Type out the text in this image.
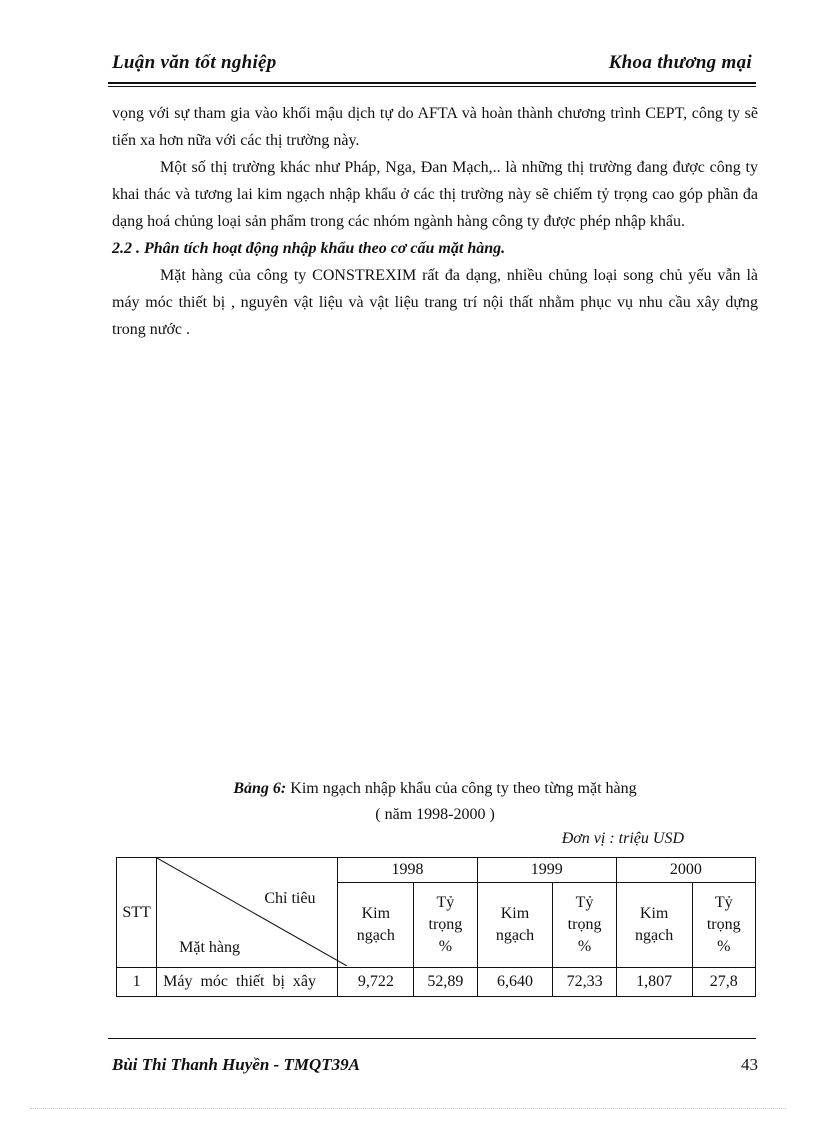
Luận văn tốt nghiệp	Khoa thương mại

vọng với sự tham gia vào khối mậu dịch tự do AFTA và hoàn thành chương trình CEPT, công ty sẽ tiến xa hơn nữa với các thị trường này.

Một số thị trường khác như Pháp, Nga, Đan Mạch,.. là những thị trường đang được công ty khai thác và tương lai kim ngạch nhập khẩu ở các thị trường này sẽ chiếm tỷ trọng cao góp phần đa dạng hoá chủng loại sản phẩm trong các nhóm ngành hàng công ty được phép nhập khẩu.

2.2 . Phân tích hoạt động nhập khẩu theo cơ cấu mặt hàng.

Mặt hàng của công ty CONSTREXIM rất đa dạng, nhiều chủng loại song chủ yếu vẫn là máy móc thiết bị , nguyên vật liệu và vật liệu trang trí nội thất nhằm phục vụ nhu cầu xây dựng trong nước .

Bảng 6: Kim ngạch nhập khẩu của công ty theo từng mặt hàng
( năm 1998-2000 )
Đơn vị : triệu USD
STT	Chỉ tiêu
Mặt hàng	1998		1999		2000	
		Kim ngạch	Tỷ trọng %	Kim ngạch	Tỷ trọng %	Kim ngạch	Tỷ trọng %
1	Máy móc thiết bị xây	9,722	52,89	6,640	72,33	1,807	27,8
Bùi Thi Thanh Huyền - TMQT39A	43
